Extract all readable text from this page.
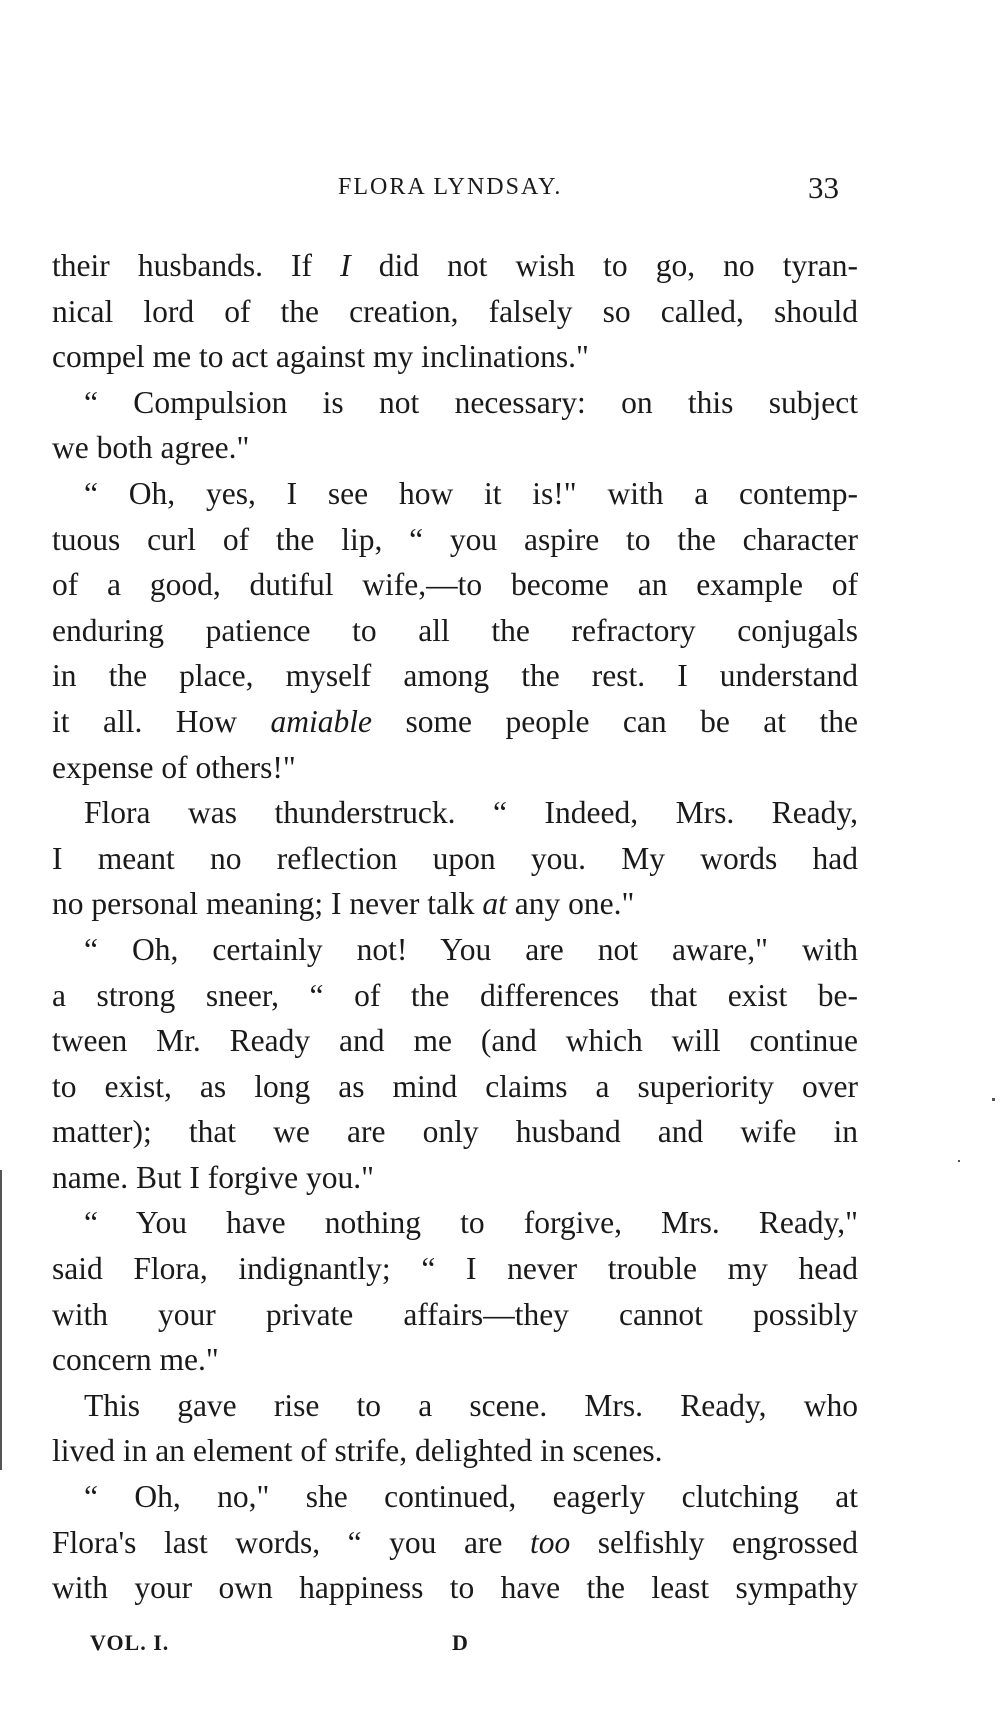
FLORA LYNDSAY.	33
their husbands. If I did not wish to go, no tyran-
nical lord of the creation, falsely so called, should
compel me to act against my inclinations."
“ Compulsion is not necessary: on this subject
we both agree."
“ Oh, yes, I see how it is!" with a contemp-
tuous curl of the lip, “ you aspire to the character
of a good, dutiful wife,—to become an example of
enduring patience to all the refractory conjugals
in the place, myself among the rest. I understand
it all. How amiable some people can be at the
expense of others!"
Flora was thunderstruck. “ Indeed, Mrs. Ready,
I meant no reflection upon you. My words had
no personal meaning; I never talk at any one."
“ Oh, certainly not! You are not aware," with
a strong sneer, “ of the differences that exist be-
tween Mr. Ready and me (and which will continue
to exist, as long as mind claims a superiority over
matter); that we are only husband and wife in
name. But I forgive you."
“ You have nothing to forgive, Mrs. Ready,"
said Flora, indignantly; “ I never trouble my head
with your private affairs—they cannot possibly
concern me."
This gave rise to a scene. Mrs. Ready, who
lived in an element of strife, delighted in scenes.
“ Oh, no," she continued, eagerly clutching at
Flora's last words, “ you are too selfishly engrossed
with your own happiness to have the least sympathy
VOL. I.	D
